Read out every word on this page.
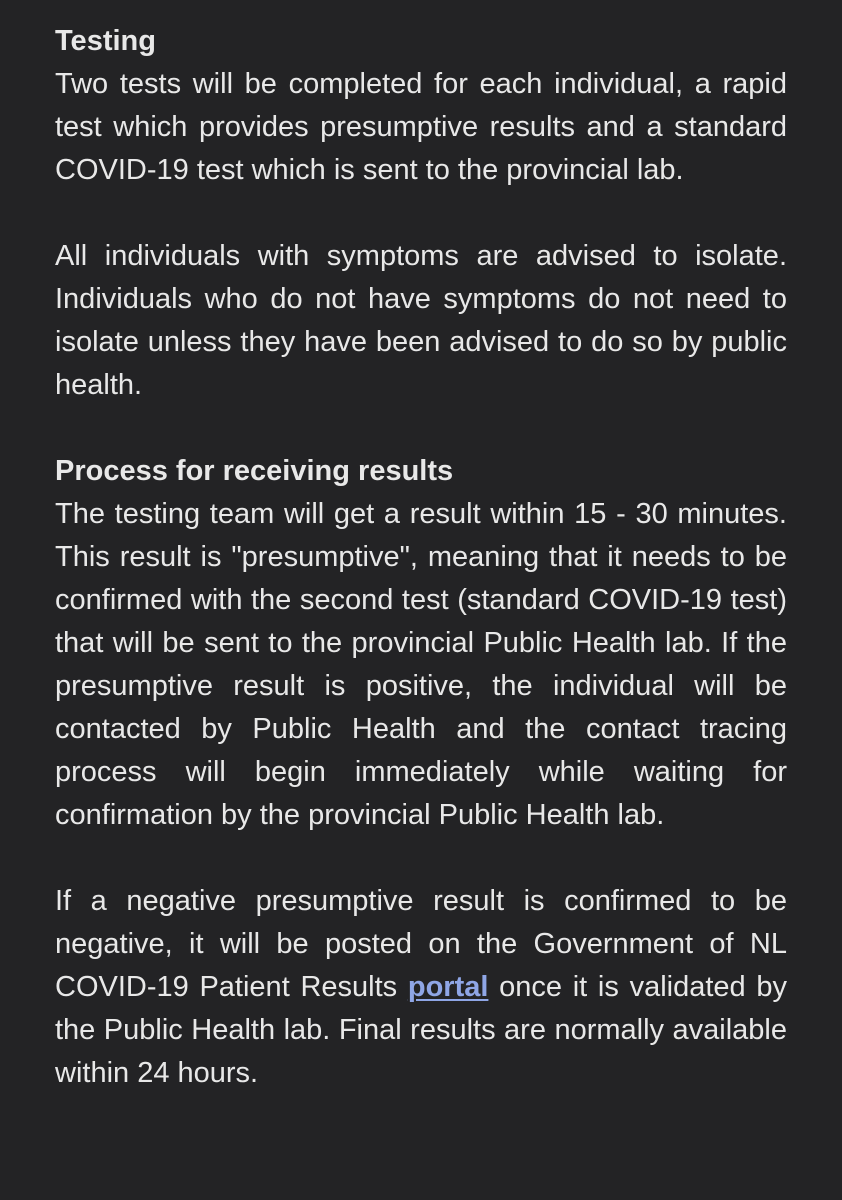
Testing

Two tests will be completed for each individual, a rapid test which provides presumptive results and a standard COVID-19 test which is sent to the provincial lab.

All individuals with symptoms are advised to isolate. Individuals who do not have symptoms do not need to isolate unless they have been advised to do so by public health.

Process for receiving results

The testing team will get a result within 15 - 30 minutes. This result is "presumptive", meaning that it needs to be confirmed with the second test (standard COVID-19 test) that will be sent to the provincial Public Health lab. If the presumptive result is positive, the individual will be contacted by Public Health and the contact tracing process will begin immediately while waiting for confirmation by the provincial Public Health lab.

If a negative presumptive result is confirmed to be negative, it will be posted on the Government of NL COVID-19 Patient Results portal once it is validated by the Public Health lab. Final results are normally available within 24 hours.
